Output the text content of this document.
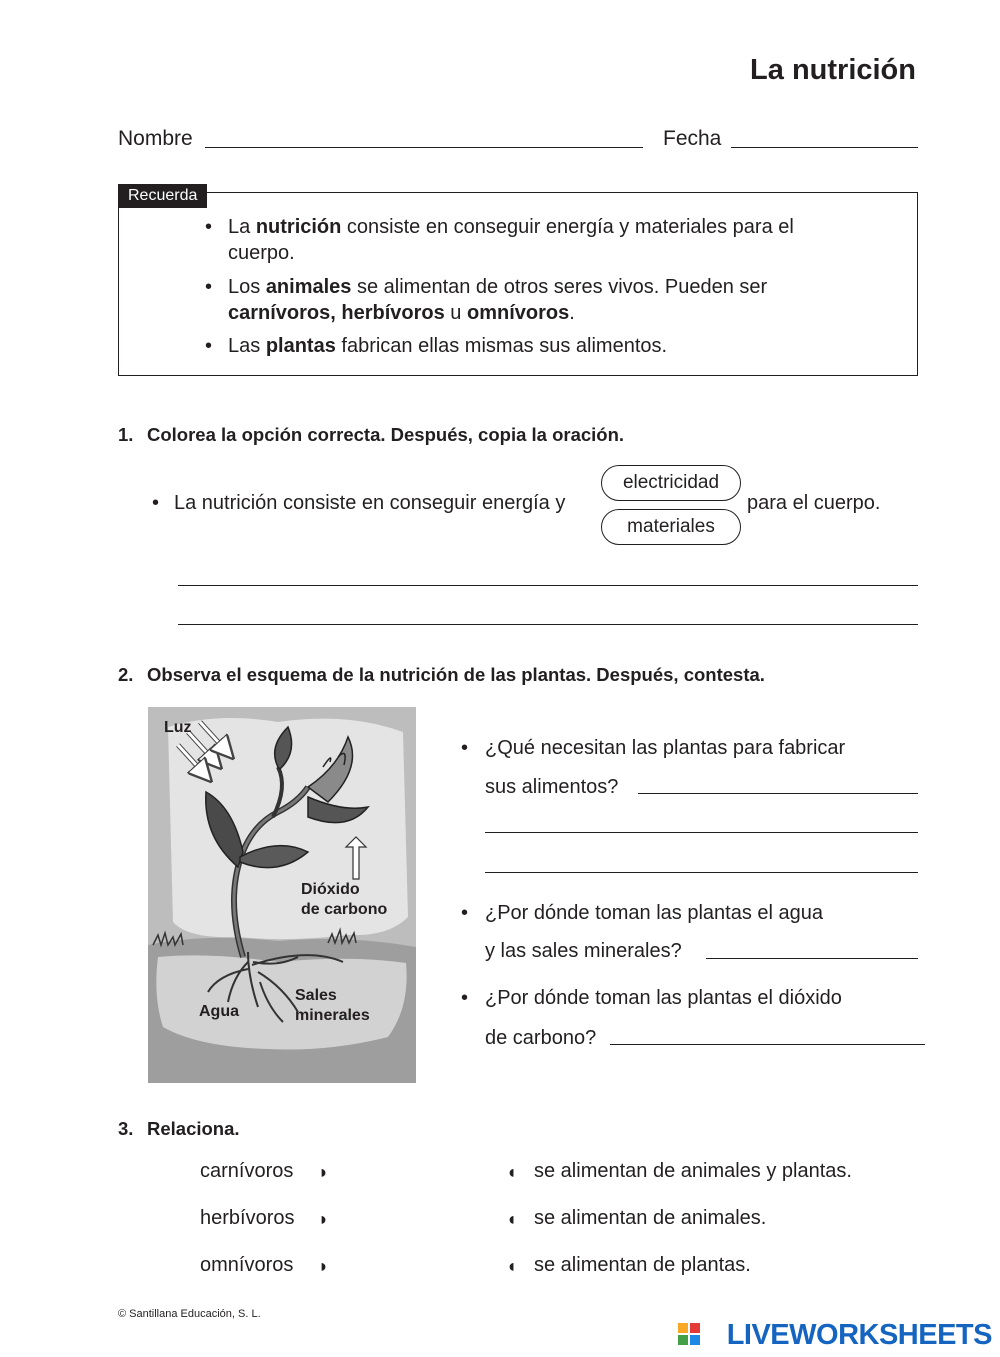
La nutrición
Nombre	Fecha
Recuerda
• La nutrición consiste en conseguir energía y materiales para el cuerpo.
• Los animales se alimentan de otros seres vivos. Pueden ser carnívoros, herbívoros u omnívoros.
• Las plantas fabrican ellas mismas sus alimentos.
1. Colorea la opción correcta. Después, copia la oración.
• La nutrición consiste en conseguir energía y
electricidad
materiales
para el cuerpo.
2. Observa el esquema de la nutrición de las plantas. Después, contesta.
Luz
Dióxido
de carbono
Agua
Sales
minerales
• ¿Qué necesitan las plantas para fabricar
sus alimentos?
• ¿Por dónde toman las plantas el agua
y las sales minerales?
• ¿Por dónde toman las plantas el dióxido
de carbono?
3. Relaciona.
carnívoros
herbívoros
omnívoros
◗
◗
◗
◖
◖
◖
se alimentan de animales y plantas.
se alimentan de animales.
se alimentan de plantas.
© Santillana Educación, S. L.
LIVEWORKSHEETS
